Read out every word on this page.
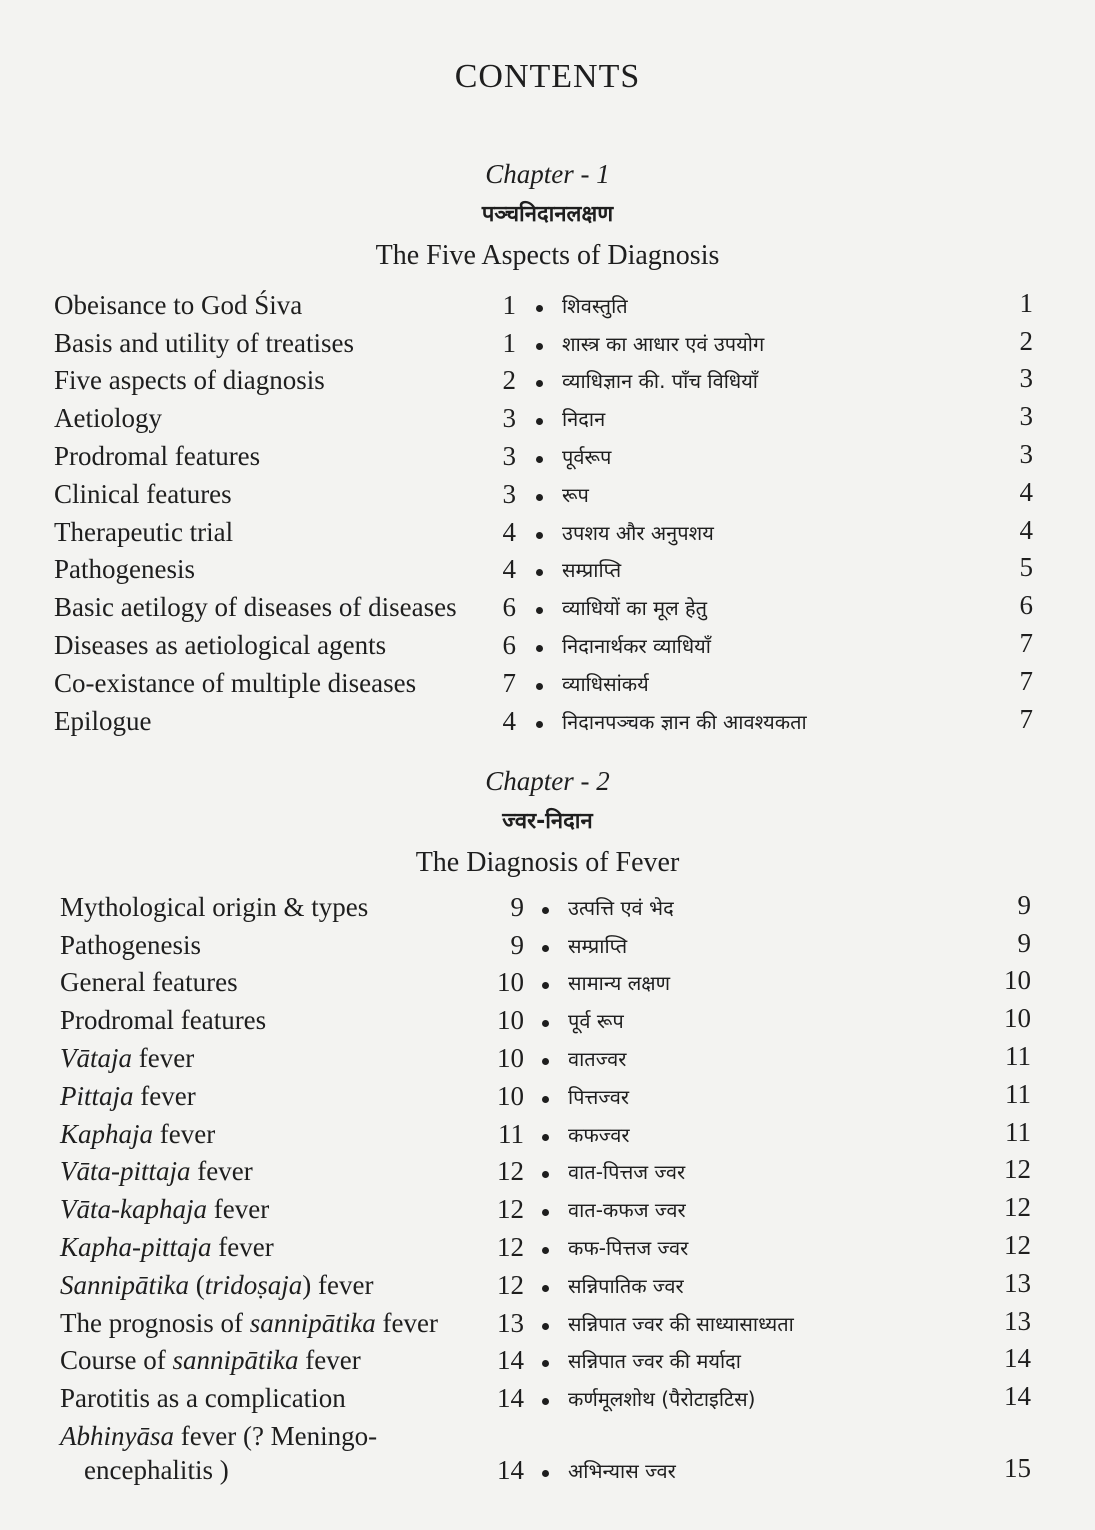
CONTENTS
Chapter - 1
पञ्चनिदानलक्षण
The Five Aspects of Diagnosis
Obeisance to God Śiva	1 शिवस्तुति	1
Basis and utility of treatises	1 शास्त्र का आधार एवं उपयोग	2
Five aspects of diagnosis	2 व्याधिज्ञान की. पाँच विधियाँ	3
Aetiology	3 निदान	3
Prodromal features	3 पूर्वरूप	3
Clinical features	3 रूप	4
Therapeutic trial	4 उपशय और अनुपशय	4
Pathogenesis	4 सम्प्राप्ति	5
Basic aetilogy of diseases of diseases	6 व्याधियों का मूल हेतु	6
Diseases as aetiological agents	6 निदानार्थकर व्याधियाँ	7
Co-existance of multiple diseases	7 व्याधिसांकर्य	7
Epilogue	4 निदानपञ्चक ज्ञान की आवश्यकता	7
Chapter - 2
ज्वर-निदान
The Diagnosis of Fever
Mythological origin & types	9 उत्पत्ति एवं भेद	9
Pathogenesis	9 सम्प्राप्ति	9
General features	10 सामान्य लक्षण	10
Prodromal features	10 पूर्व रूप	10
Vātaja fever	10 वातज्वर	11
Pittaja fever	10 पित्तज्वर	11
Kaphaja fever	11 कफज्वर	11
Vāta-pittaja fever	12 वात-पित्तज ज्वर	12
Vāta-kaphaja fever	12 वात-कफज ज्वर	12
Kapha-pittaja fever	12 कफ-पित्तज ज्वर	12
Sannipātika (tridoṣaja) fever	12 सन्निपातिक ज्वर	13
The prognosis of sannipātika fever	13 सन्निपात ज्वर की साध्यासाध्यता	13
Course of sannipātika fever	14 सन्निपात ज्वर की मर्यादा	14
Parotitis as a complication	14 कर्णमूलशोथ (पैरोटाइटिस)	14
Abhinyāsa fever (? Meningo-
encephalitis )	14 अभिन्यास ज्वर	15
